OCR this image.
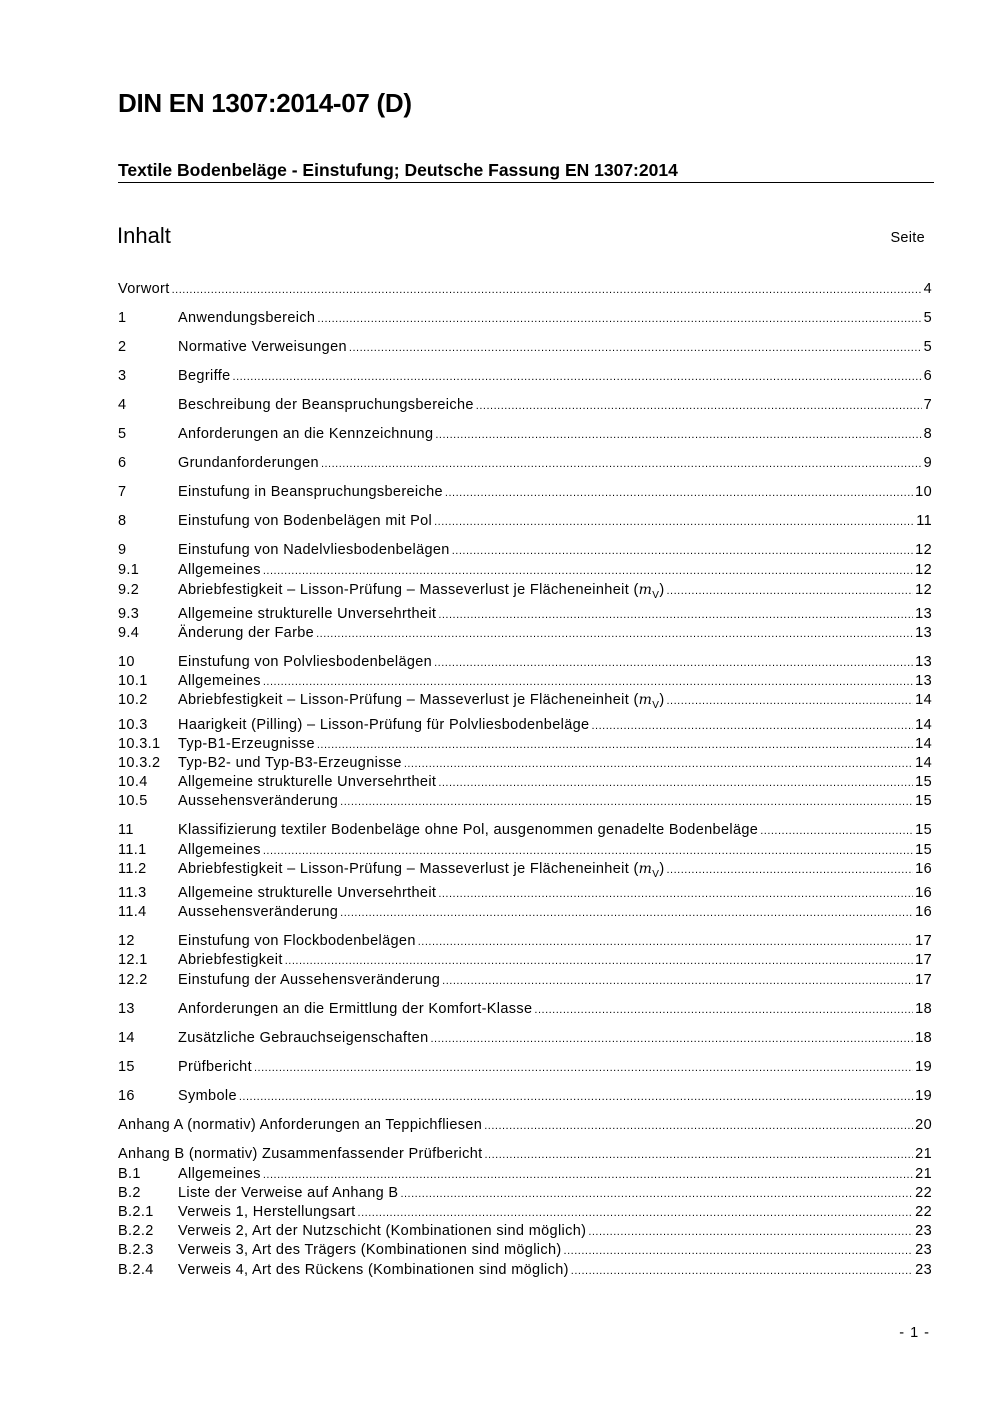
DIN EN 1307:2014-07 (D)
Textile Bodenbeläge - Einstufung; Deutsche Fassung EN 1307:2014
Inhalt	Seite
Vorwort .....	4
1	Anwendungsbereich .....	5
2	Normative Verweisungen .....	5
3	Begriffe .....	6
4	Beschreibung der Beanspruchungsbereiche .....	7
5	Anforderungen an die Kennzeichnung .....	8
6	Grundanforderungen .....	9
7	Einstufung in Beanspruchungsbereiche .....	10
8	Einstufung von Bodenbelägen mit Pol .....	11
9	Einstufung von Nadelvliesbodenbelägen .....	12
9.1	Allgemeines .....	12
9.2	Abriebfestigkeit – Lisson-Prüfung – Masseverlust je Flächeneinheit $(m_V)$ .....	12
9.3	Allgemeine strukturelle Unversehrtheit .....	13
9.4	Änderung der Farbe .....	13
10	Einstufung von Polvliesbodenbelägen .....	13
10.1	Allgemeines .....	13
10.2	Abriebfestigkeit – Lisson-Prüfung – Masseverlust je Flächeneinheit $(m_V)$ .....	14
10.3	Haarigkeit (Pilling) – Lisson-Prüfung für Polvliesbodenbeläge .....	14
10.3.1	Typ-B1-Erzeugnisse .....	14
10.3.2	Typ-B2- und Typ-B3-Erzeugnisse .....	14
10.4	Allgemeine strukturelle Unversehrtheit .....	15
10.5	Aussehensveränderung .....	15
11	Klassifizierung textiler Bodenbeläge ohne Pol, ausgenommen genadelte Bodenbeläge .....	15
11.1	Allgemeines .....	15
11.2	Abriebfestigkeit – Lisson-Prüfung – Masseverlust je Flächeneinheit $(m_V)$ .....	16
11.3	Allgemeine strukturelle Unversehrtheit .....	16
11.4	Aussehensveränderung .....	16
12	Einstufung von Flockbodenbelägen .....	17
12.1	Abriebfestigkeit .....	17
12.2	Einstufung der Aussehensveränderung .....	17
13	Anforderungen an die Ermittlung der Komfort-Klasse .....	18
14	Zusätzliche Gebrauchseigenschaften .....	18
15	Prüfbericht .....	19
16	Symbole .....	19
Anhang A (normativ) Anforderungen an Teppichfliesen .....	20
Anhang B (normativ) Zusammenfassender Prüfbericht .....	21
B.1	Allgemeines .....	21
B.2	Liste der Verweise auf Anhang B .....	22
B.2.1	Verweis 1, Herstellungsart .....	22
B.2.2	Verweis 2, Art der Nutzschicht (Kombinationen sind möglich) .....	23
B.2.3	Verweis 3, Art des Trägers (Kombinationen sind möglich) .....	23
B.2.4	Verweis 4, Art des Rückens (Kombinationen sind möglich) .....	23
- 1 -
